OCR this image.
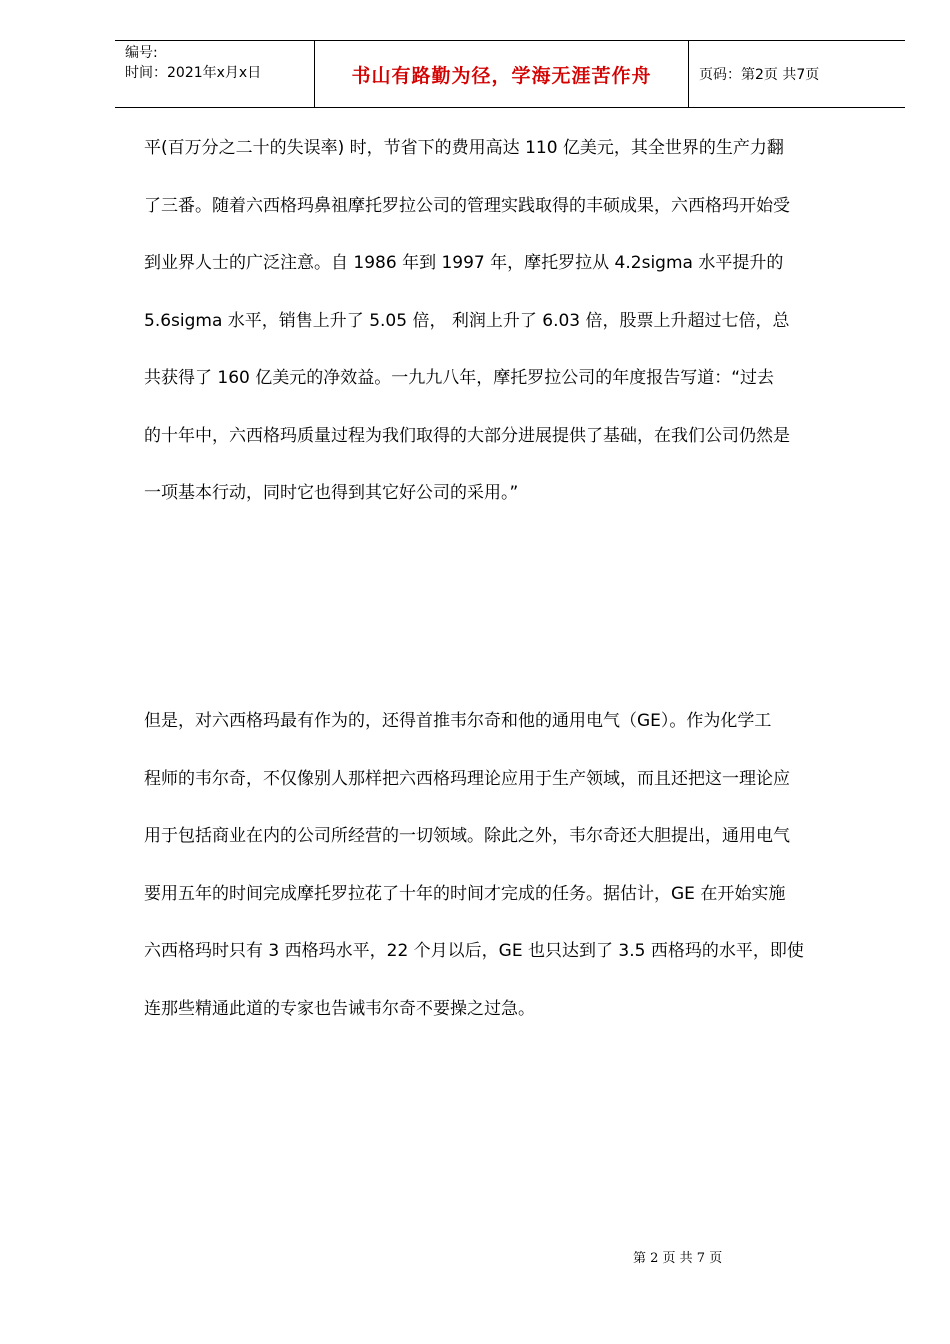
编号:
时间：2021年x月x日	书山有路勤为径，学海无涯苦作舟	页码：第2页 共7页
平(百万分之二十的失误率) 时，节省下的费用高达 110 亿美元，其全世界的生产力翻
了三番。随着六西格玛鼻祖摩托罗拉公司的管理实践取得的丰硕成果，六西格玛开始受
到业界人士的广泛注意。自 1986 年到 1997 年，摩托罗拉从 4.2sigma 水平提升的
5.6sigma 水平，销售上升了 5.05 倍， 利润上升了 6.03 倍，股票上升超过七倍，总
共获得了 160 亿美元的净效益。一九九八年，摩托罗拉公司的年度报告写道：“过去
的十年中，六西格玛质量过程为我们取得的大部分进展提供了基础，在我们公司仍然是
一项基本行动，同时它也得到其它好公司的采用。”
但是，对六西格玛最有作为的，还得首推韦尔奇和他的通用电气（GE）。作为化学工
程师的韦尔奇，不仅像别人那样把六西格玛理论应用于生产领域，而且还把这一理论应
用于包括商业在内的公司所经营的一切领域。除此之外，韦尔奇还大胆提出，通用电气
要用五年的时间完成摩托罗拉花了十年的时间才完成的任务。据估计，GE 在开始实施
六西格玛时只有 3 西格玛水平，22 个月以后，GE 也只达到了 3.5 西格玛的水平，即使
连那些精通此道的专家也告诫韦尔奇不要操之过急。
第 2 页 共 7 页
